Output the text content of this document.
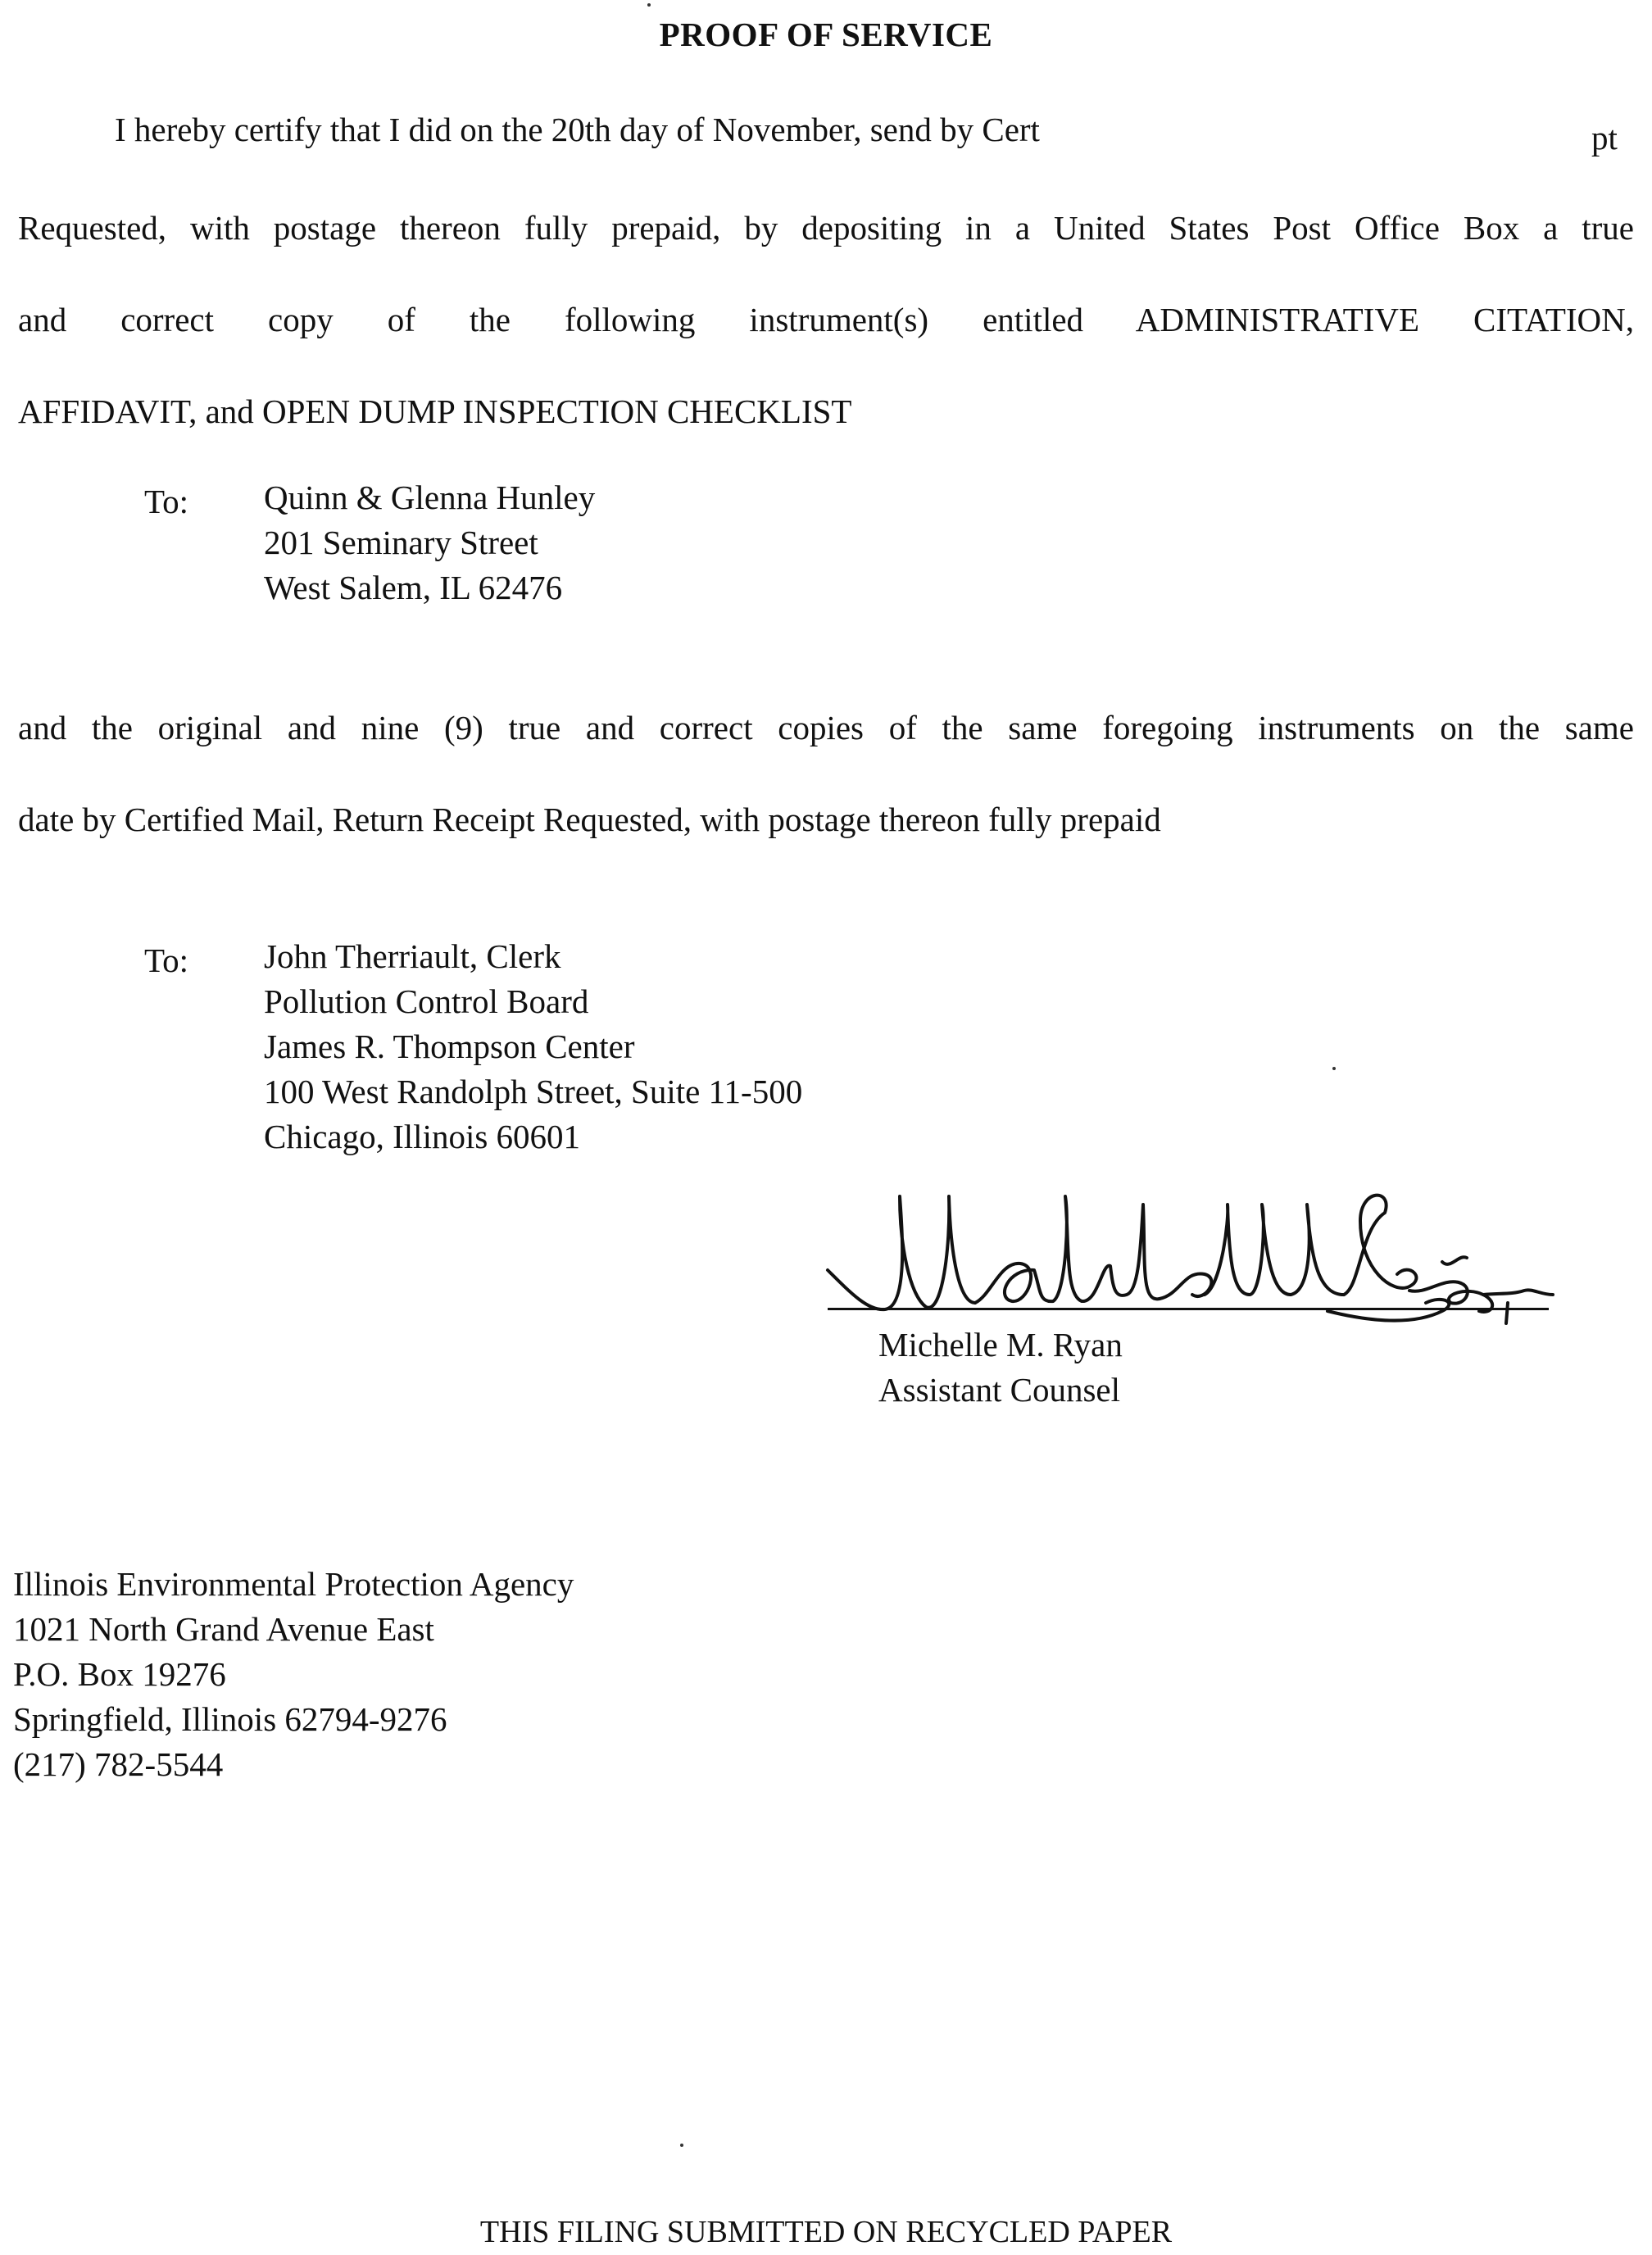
PROOF OF SERVICE
I hereby certify that I did on the 20th day of November, send by Cert	pt
Requested, with postage thereon fully prepaid, by depositing in a United States Post Office Box a true
and correct copy of the following instrument(s) entitled ADMINISTRATIVE CITATION,
AFFIDAVIT, and OPEN DUMP INSPECTION CHECKLIST
To: Quinn & Glenna Hunley
201 Seminary Street
West Salem, IL 62476
and the original and nine (9) true and correct copies of the same foregoing instruments on the same
date by Certified Mail, Return Receipt Requested, with postage thereon fully prepaid
To: John Therriault, Clerk
Pollution Control Board
James R. Thompson Center
100 West Randolph Street, Suite 11-500
Chicago, Illinois 60601
Michelle M. Ryan
Assistant Counsel
Illinois Environmental Protection Agency
1021 North Grand Avenue East
P.O. Box 19276
Springfield, Illinois 62794-9276
(217) 782-5544
THIS FILING SUBMITTED ON RECYCLED PAPER
